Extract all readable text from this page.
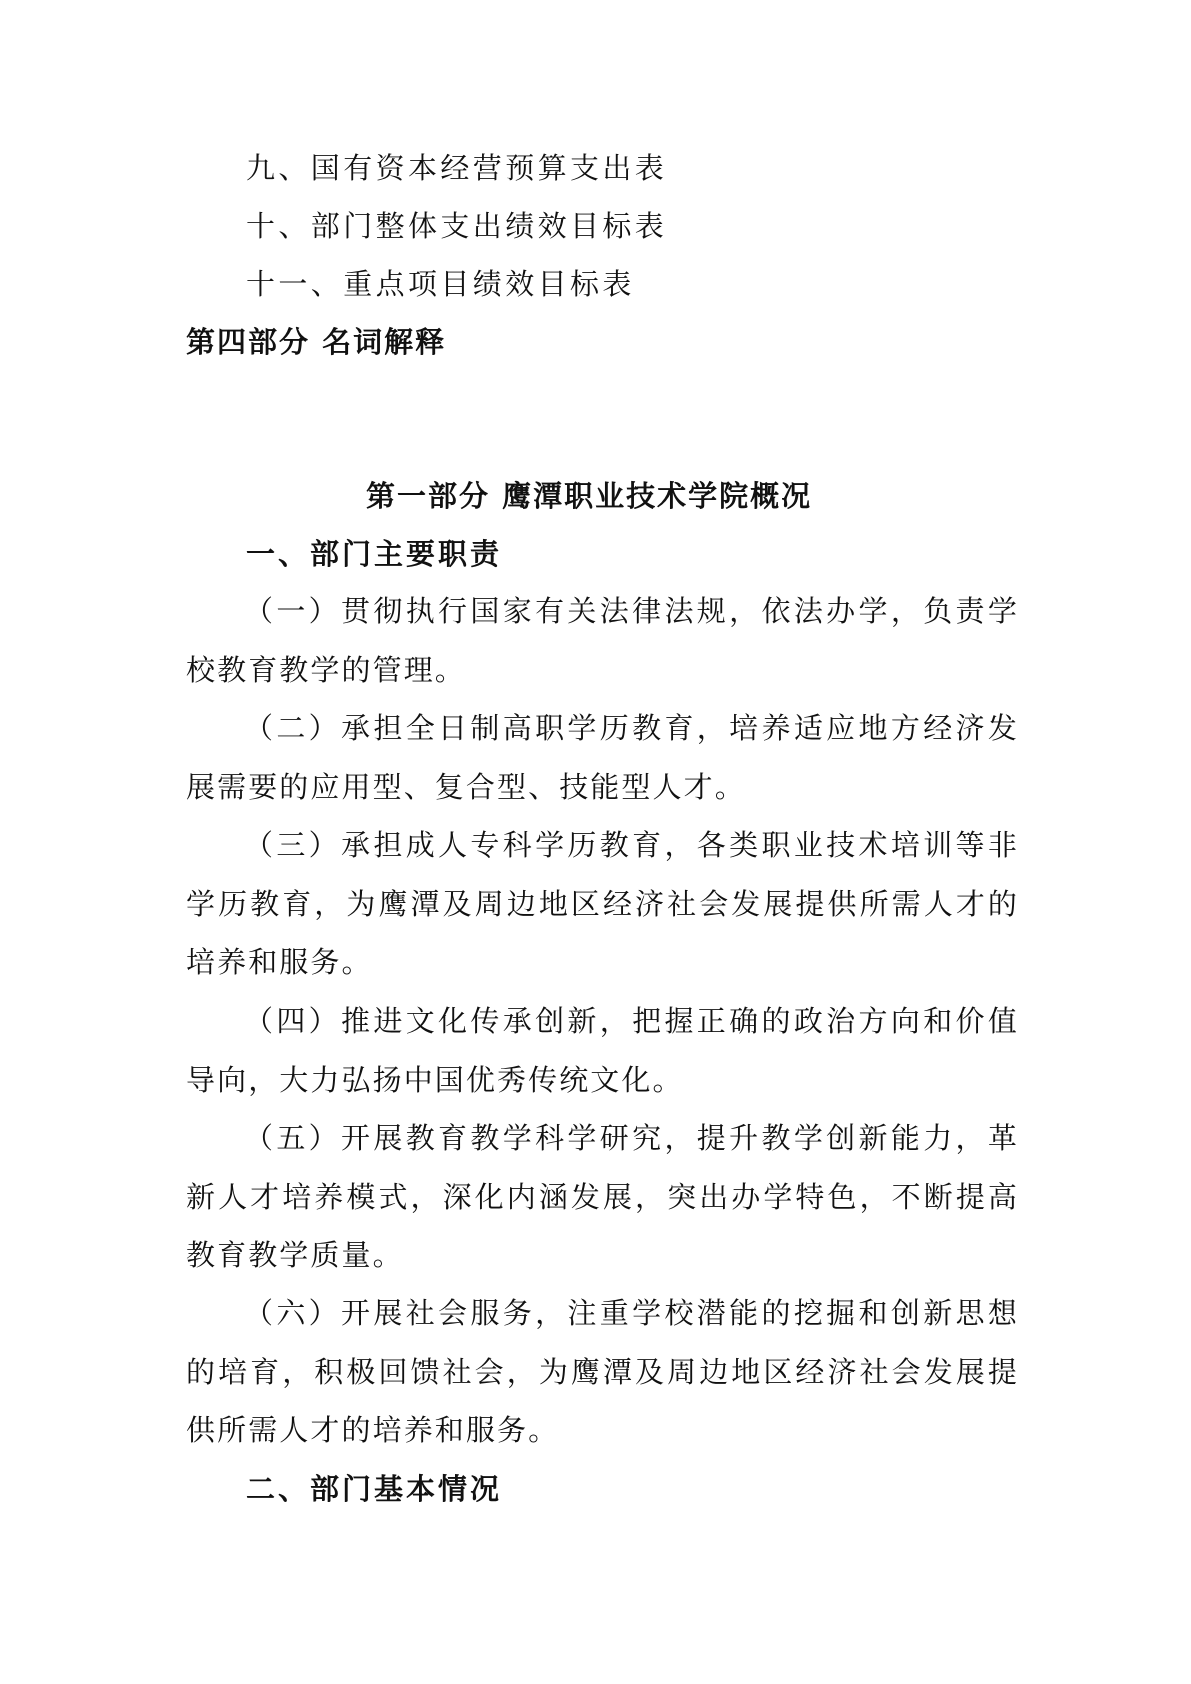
九、国有资本经营预算支出表
十、部门整体支出绩效目标表
十一、重点项目绩效目标表
第四部分 名词解释
第一部分 鹰潭职业技术学院概况
一、部门主要职责
（一）贯彻执行国家有关法律法规，依法办学，负责学校教育教学的管理。
（二）承担全日制高职学历教育，培养适应地方经济发展需要的应用型、复合型、技能型人才。
（三）承担成人专科学历教育，各类职业技术培训等非学历教育，为鹰潭及周边地区经济社会发展提供所需人才的培养和服务。
（四）推进文化传承创新，把握正确的政治方向和价值导向，大力弘扬中国优秀传统文化。
（五）开展教育教学科学研究，提升教学创新能力，革新人才培养模式，深化内涵发展，突出办学特色，不断提高教育教学质量。
（六）开展社会服务，注重学校潜能的挖掘和创新思想的培育，积极回馈社会，为鹰潭及周边地区经济社会发展提供所需人才的培养和服务。
二、部门基本情况
